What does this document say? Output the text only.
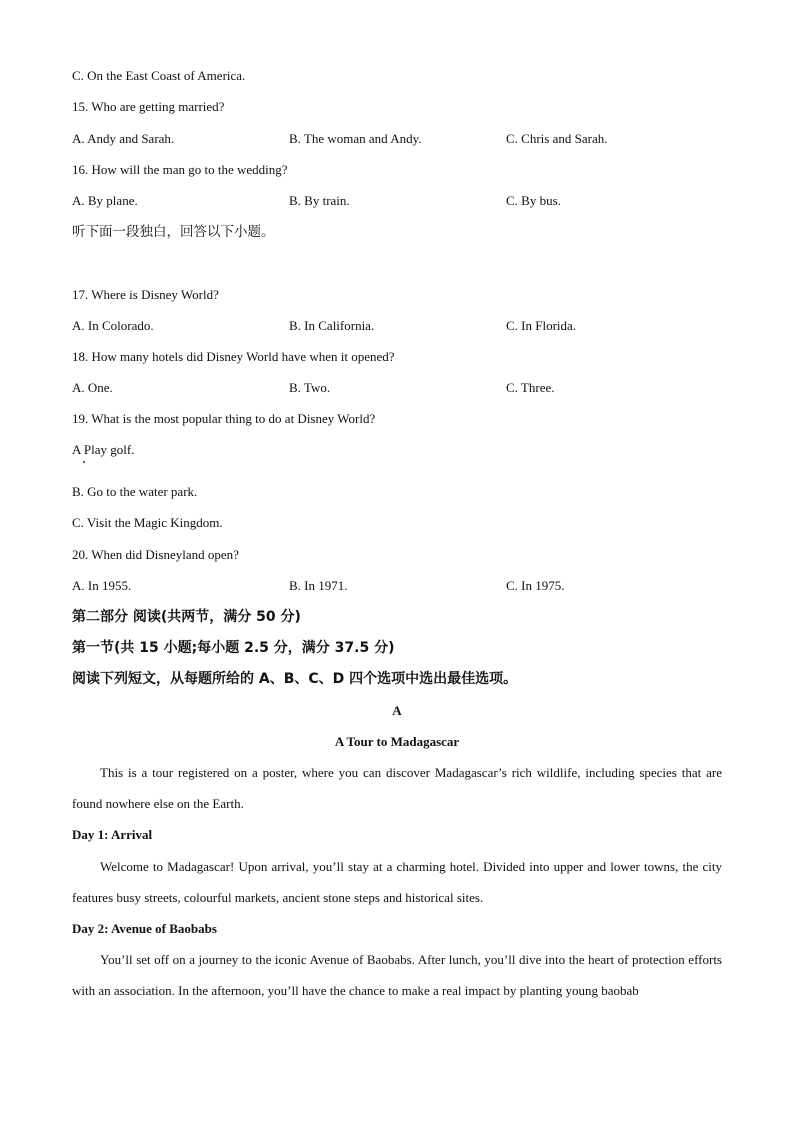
C. On the East Coast of America.
15. Who are getting married?
A. Andy and Sarah.	B. The woman and Andy.	C. Chris and Sarah.
16. How will the man go to the wedding?
A. By plane.	B. By train.	C. By bus.
听下面一段独白，回答以下小题。
17. Where is Disney World?
A. In Colorado.	B. In California.	C. In Florida.
18. How many hotels did Disney World have when it opened?
A. One.	B. Two.	C. Three.
19. What is the most popular thing to do at Disney World?
A Play golf.
B. Go to the water park.
C. Visit the Magic Kingdom.
20. When did Disneyland open?
A. In 1955.	B. In 1971.	C. In 1975.
第二部分 阅读(共两节，满分 50 分)
第一节(共 15 小题;每小题 2.5 分，满分 37.5 分)
阅读下列短文，从每题所给的 A、B、C、D 四个选项中选出最佳选项。
A
A Tour to Madagascar

This is a tour registered on a poster, where you can discover Madagascar’s rich wildlife, including species that are found nowhere else on the Earth.

Day 1: Arrival

Welcome to Madagascar! Upon arrival, you’ll stay at a charming hotel. Divided into upper and lower towns, the city features busy streets, colourful markets, ancient stone steps and historical sites.

Day 2: Avenue of Baobabs

You’ll set off on a journey to the iconic Avenue of Baobabs. After lunch, you’ll dive into the heart of protection efforts with an association. In the afternoon, you’ll have the chance to make a real impact by planting young baobab
